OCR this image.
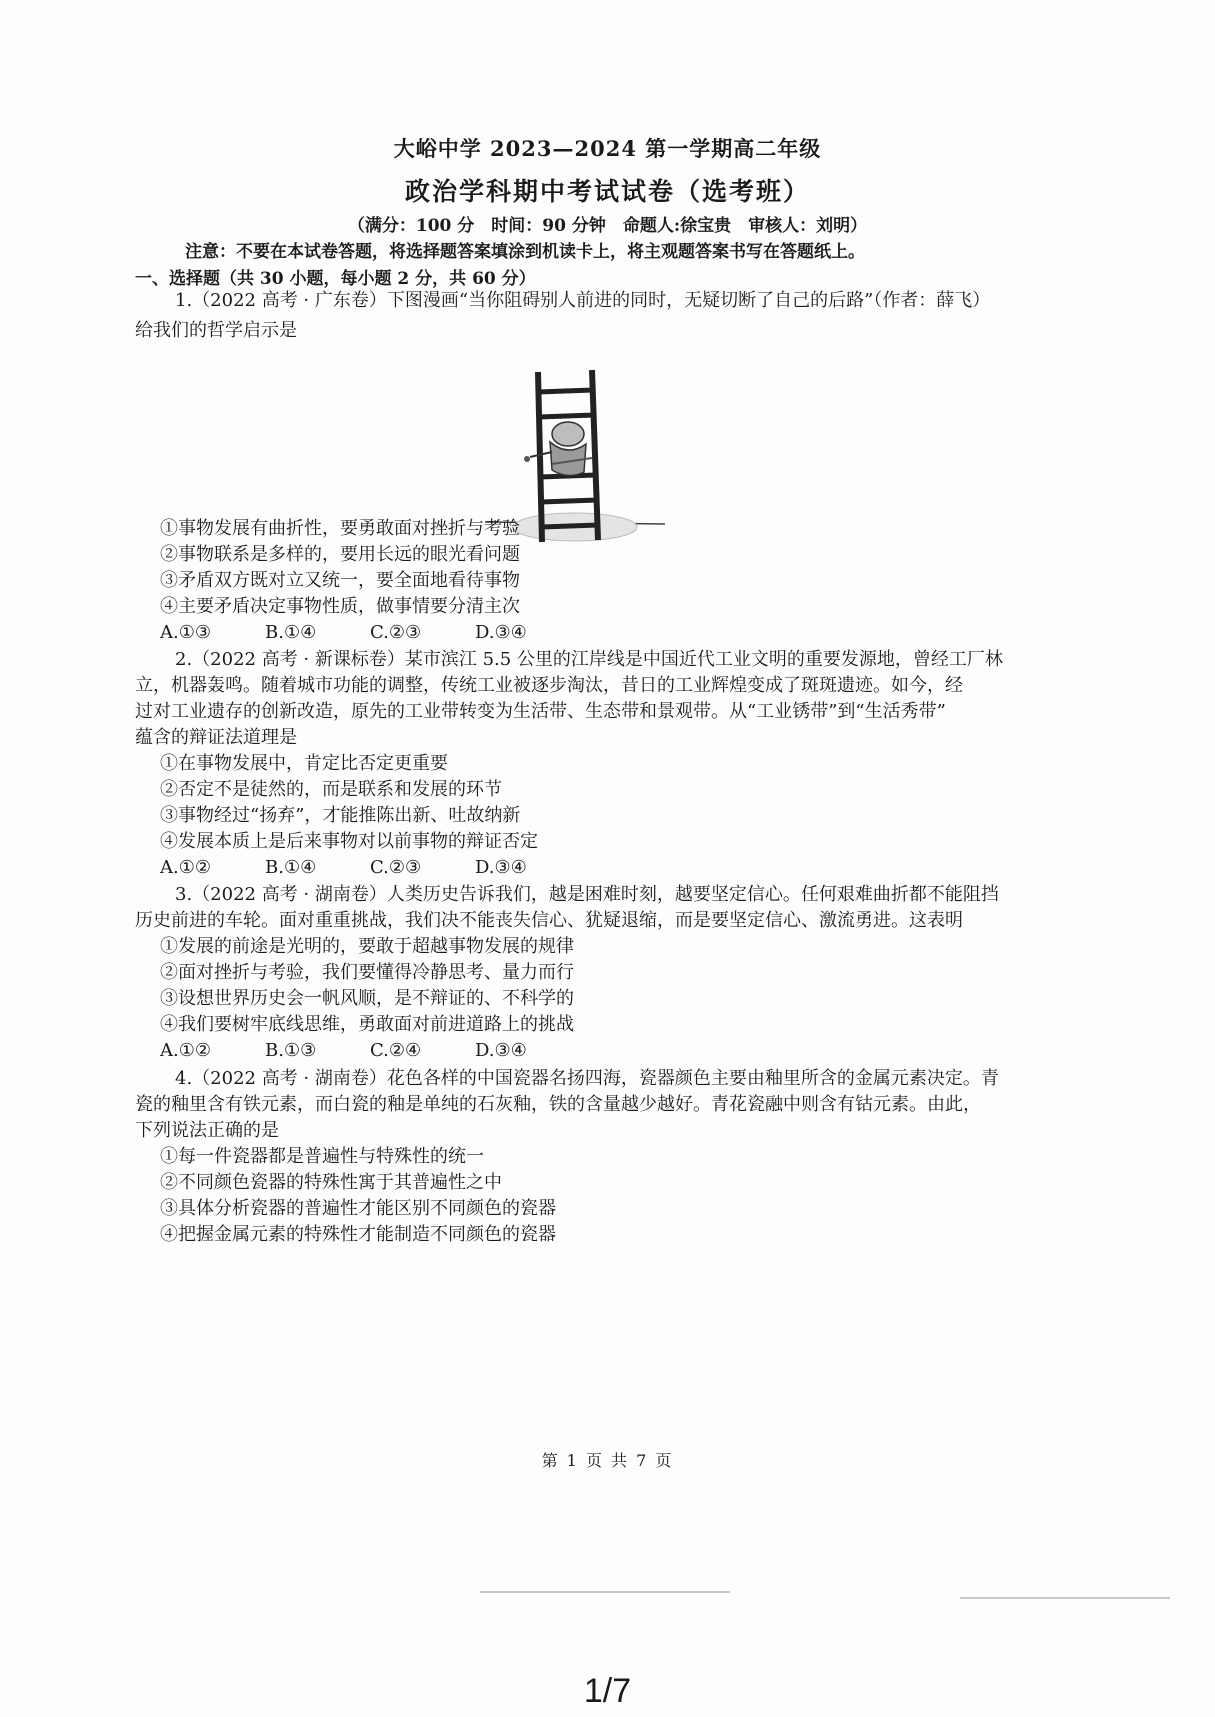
大峪中学 2023—2024 第一学期高二年级
政治学科期中考试试卷（选考班）
（满分：100 分　时间：90 分钟　命题人:徐宝贵　审核人：刘明）
注意：不要在本试卷答题，将选择题答案填涂到机读卡上，将主观题答案书写在答题纸上。
一、选择题（共 30 小题，每小题 2 分，共 60 分）
1.（2022 高考 · 广东卷）下图漫画“当你阻碍别人前进的同时，无疑切断了自己的后路”（作者：薛飞）
给我们的哲学启示是
①事物发展有曲折性，要勇敢面对挫折与考验
②事物联系是多样的，要用长远的眼光看问题
③矛盾双方既对立又统一，要全面地看待事物
④主要矛盾决定事物性质，做事情要分清主次
A.①③	B.①④	C.②③	D.③④
2.（2022 高考 · 新课标卷）某市滨江 5.5 公里的江岸线是中国近代工业文明的重要发源地，曾经工厂林
立，机器轰鸣。随着城市功能的调整，传统工业被逐步淘汰，昔日的工业辉煌变成了斑斑遗迹。如今，经
过对工业遗存的创新改造，原先的工业带转变为生活带、生态带和景观带。从“工业锈带”到“生活秀带”
蕴含的辩证法道理是
①在事物发展中，肯定比否定更重要
②否定不是徒然的，而是联系和发展的环节
③事物经过“扬弃”，才能推陈出新、吐故纳新
④发展本质上是后来事物对以前事物的辩证否定
A.①②	B.①④	C.②③	D.③④
3.（2022 高考 · 湖南卷）人类历史告诉我们，越是困难时刻，越要坚定信心。任何艰难曲折都不能阻挡
历史前进的车轮。面对重重挑战，我们决不能丧失信心、犹疑退缩，而是要坚定信心、激流勇进。这表明
①发展的前途是光明的，要敢于超越事物发展的规律
②面对挫折与考验，我们要懂得冷静思考、量力而行
③设想世界历史会一帆风顺，是不辩证的、不科学的
④我们要树牢底线思维，勇敢面对前进道路上的挑战
A.①②	B.①③	C.②④	D.③④
4.（2022 高考 · 湖南卷）花色各样的中国瓷器名扬四海，瓷器颜色主要由釉里所含的金属元素决定。青
瓷的釉里含有铁元素，而白瓷的釉是单纯的石灰釉，铁的含量越少越好。青花瓷融中则含有钴元素。由此，
下列说法正确的是
①每一件瓷器都是普遍性与特殊性的统一
②不同颜色瓷器的特殊性寓于其普遍性之中
③具体分析瓷器的普遍性才能区别不同颜色的瓷器
④把握金属元素的特殊性才能制造不同颜色的瓷器
第 1 页 共 7 页
1/7
